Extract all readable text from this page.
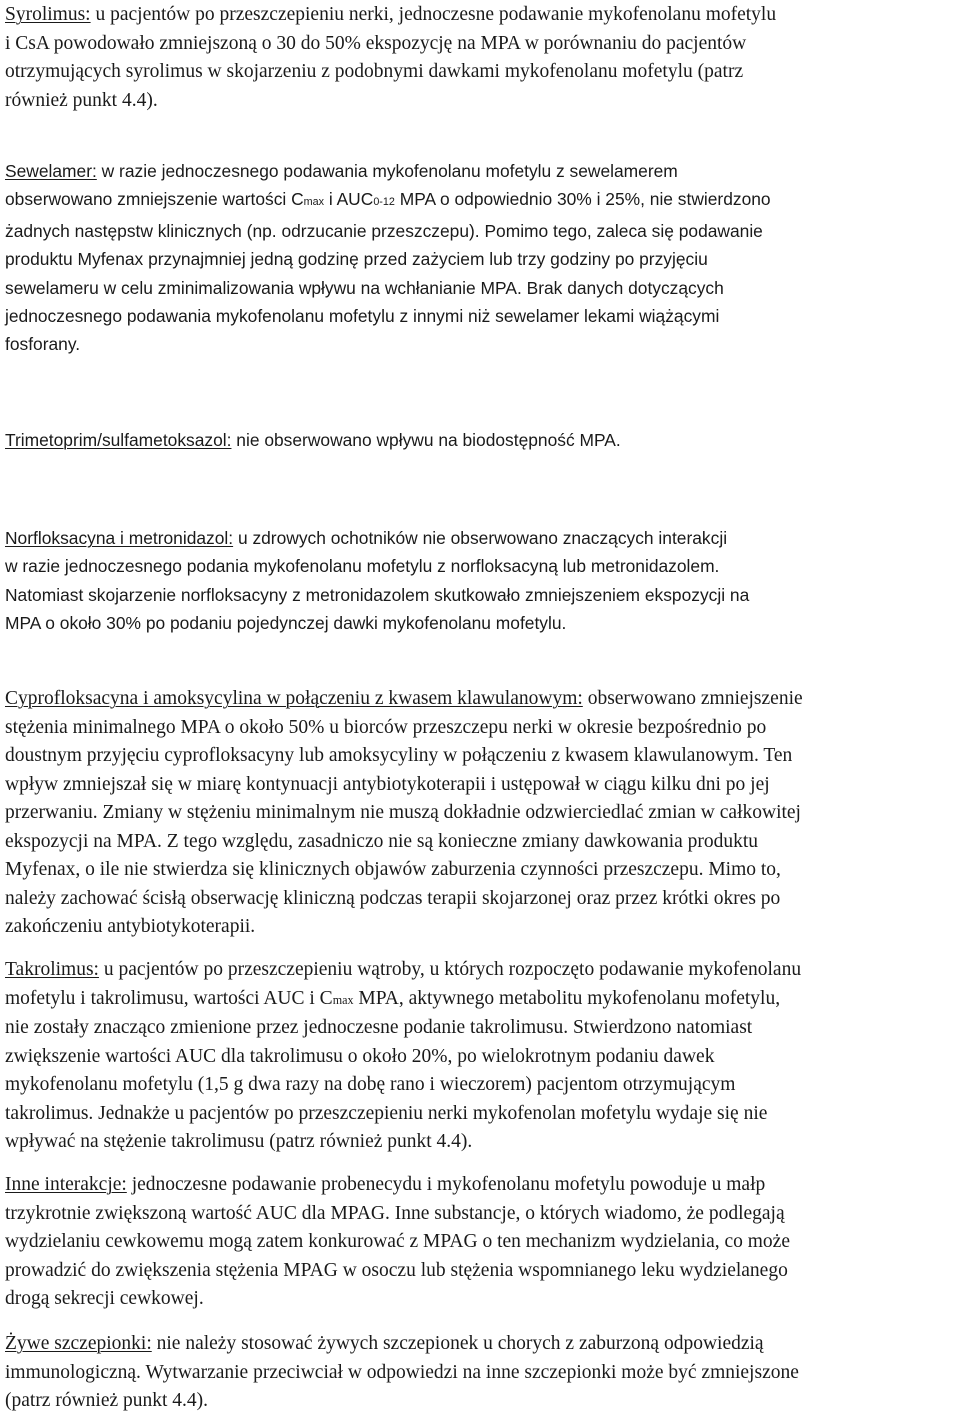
Syrolimus: u pacjentów po przeszczepieniu nerki, jednoczesne podawanie mykofenolanu mofetylu
i CsA powodowało zmniejszoną o 30 do 50% ekspozycję na MPA w porównaniu do pacjentów
otrzymujących syrolimus w skojarzeniu z podobnymi dawkami mykofenolanu mofetylu (patrz
również punkt 4.4).
Sewelamer: w razie jednoczesnego podawania mykofenolanu mofetylu z sewelamerem
obserwowano zmniejszenie wartości Cmax i AUC0-12 MPA o odpowiednio 30% i 25%, nie stwierdzono
żadnych następstw klinicznych (np. odrzucanie przeszczepu). Pomimo tego, zaleca się podawanie
produktu Myfenax przynajmniej jedną godzinę przed zażyciem lub trzy godziny po przyjęciu
sewelameru w celu zminimalizowania wpływu na wchłanianie MPA. Brak danych dotyczących
jednoczesnego podawania mykofenolanu mofetylu z innymi niż sewelamer lekami wiążącymi
fosforany.
Trimetoprim/sulfametoksazol: nie obserwowano wpływu na biodostępność MPA.
Norfloksacyna i metronidazol: u zdrowych ochotników nie obserwowano znaczących interakcji
w razie jednoczesnego podania mykofenolanu mofetylu z norfloksacyną lub metronidazolem.
Natomiast skojarzenie norfloksacyny z metronidazolem skutkowało zmniejszeniem ekspozycji na
MPA o około 30% po podaniu pojedynczej dawki mykofenolanu mofetylu.
Cyprofloksacyna i amoksycylina w połączeniu z kwasem klawulanowym: obserwowano zmniejszenie
stężenia minimalnego MPA o około 50% u biorców przeszczepu nerki w okresie bezpośrednio po
doustnym przyjęciu cyprofloksacyny lub amoksycyliny w połączeniu z kwasem klawulanowym. Ten
wpływ zmniejszał się w miarę kontynuacji antybiotykoterapii i ustępował w ciągu kilku dni po jej
przerwaniu. Zmiany w stężeniu minimalnym nie muszą dokładnie odzwierciedlać zmian w całkowitej
ekspozycji na MPA. Z tego względu, zasadniczo nie są konieczne zmiany dawkowania produktu
Myfenax, o ile nie stwierdza się klinicznych objawów zaburzenia czynności przeszczepu. Mimo to,
należy zachować ścisłą obserwację kliniczną podczas terapii skojarzonej oraz przez krótki okres po
zakończeniu antybiotykoterapii.
Takrolimus: u pacjentów po przeszczepieniu wątroby, u których rozpoczęto podawanie mykofenolanu
mofetylu i takrolimusu, wartości AUC i Cmax MPA, aktywnego metabolitu mykofenolanu mofetylu,
nie zostały znacząco zmienione przez jednoczesne podanie takrolimusu. Stwierdzono natomiast
zwiększenie wartości AUC dla takrolimusu o około 20%, po wielokrotnym podaniu dawek
mykofenolanu mofetylu (1,5 g dwa razy na dobę rano i wieczorem) pacjentom otrzymującym
takrolimus. Jednakże u pacjentów po przeszczepieniu nerki mykofenolan mofetylu wydaje się nie
wpływać na stężenie takrolimusu (patrz również punkt 4.4).
Inne interakcje: jednoczesne podawanie probenecydu i mykofenolanu mofetylu powoduje u małp
trzykrotnie zwiększoną wartość AUC dla MPAG. Inne substancje, o których wiadomo, że podlegają
wydzielaniu cewkowemu mogą zatem konkurować z MPAG o ten mechanizm wydzielania, co może
prowadzić do zwiększenia stężenia MPAG w osoczu lub stężenia wspomnianego leku wydzielanego
drogą sekrecji cewkowej.
Żywe szczepionki: nie należy stosować żywych szczepionek u chorych z zaburzoną odpowiedzią
immunologiczną. Wytwarzanie przeciwciał w odpowiedzi na inne szczepionki może być zmniejszone
(patrz również punkt 4.4).
